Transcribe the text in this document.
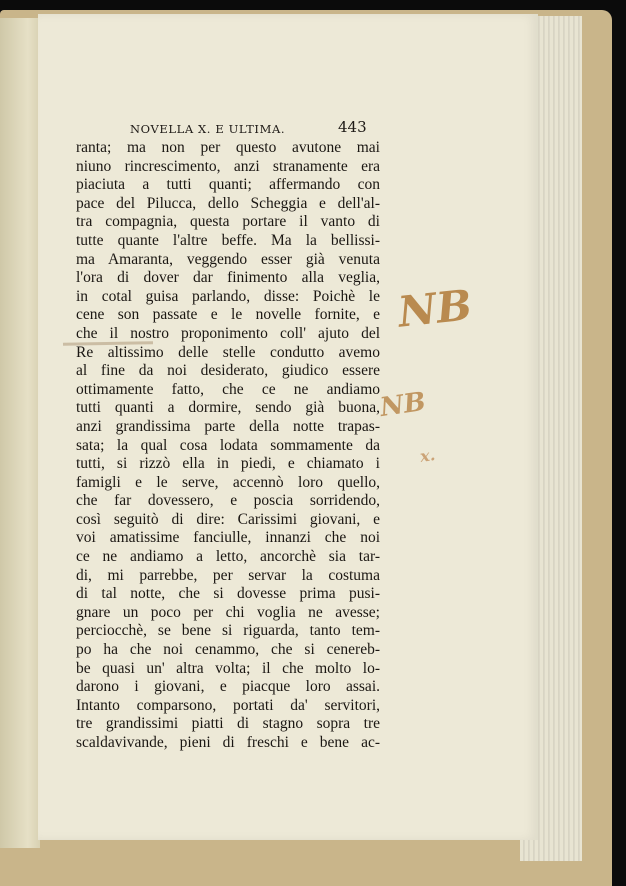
NOVELLA X. E ULTIMA.	443
ranta; ma non per questo avutone mai
niuno rincrescimento, anzi stranamente era
piaciuta a tutti quanti; affermando con
pace del Pilucca, dello Scheggia e dell'al-
tra compagnia, questa portare il vanto di
tutte quante l'altre beffe. Ma la bellissi-
ma Amaranta, veggendo esser già venuta
l'ora di dover dar finimento alla veglia,
in cotal guisa parlando, disse: Poichè le
cene son passate e le novelle fornite, e
che il nostro proponimento coll' ajuto del
Re altissimo delle stelle condutto avemo
al fine da noi desiderato, giudico essere
ottimamente fatto, che ce ne andiamo
tutti quanti a dormire, sendo già buona,
anzi grandissima parte della notte trapas-
sata; la qual cosa lodata sommamente da
tutti, si rizzò ella in piedi, e chiamato i
famigli e le serve, accennò loro quello,
che far dovessero, e poscia sorridendo,
così seguitò di dire: Carissimi giovani, e
voi amatissime fanciulle, innanzi che noi
ce ne andiamo a letto, ancorchè sia tar-
di, mi parrebbe, per servar la costuma
di tal notte, che si dovesse prima pusi-
gnare un poco per chi voglia ne avesse;
perciocchè, se bene si riguarda, tanto tem-
po ha che noi cenammo, che si cenereb-
be quasi un' altra volta; il che molto lo-
darono i giovani, e piacque loro assai.
Intanto comparsono, portati da' servitori,
tre grandissimi piatti di stagno sopra tre
scaldavivande, pieni di freschi e bene ac-
NB
NB
x.
